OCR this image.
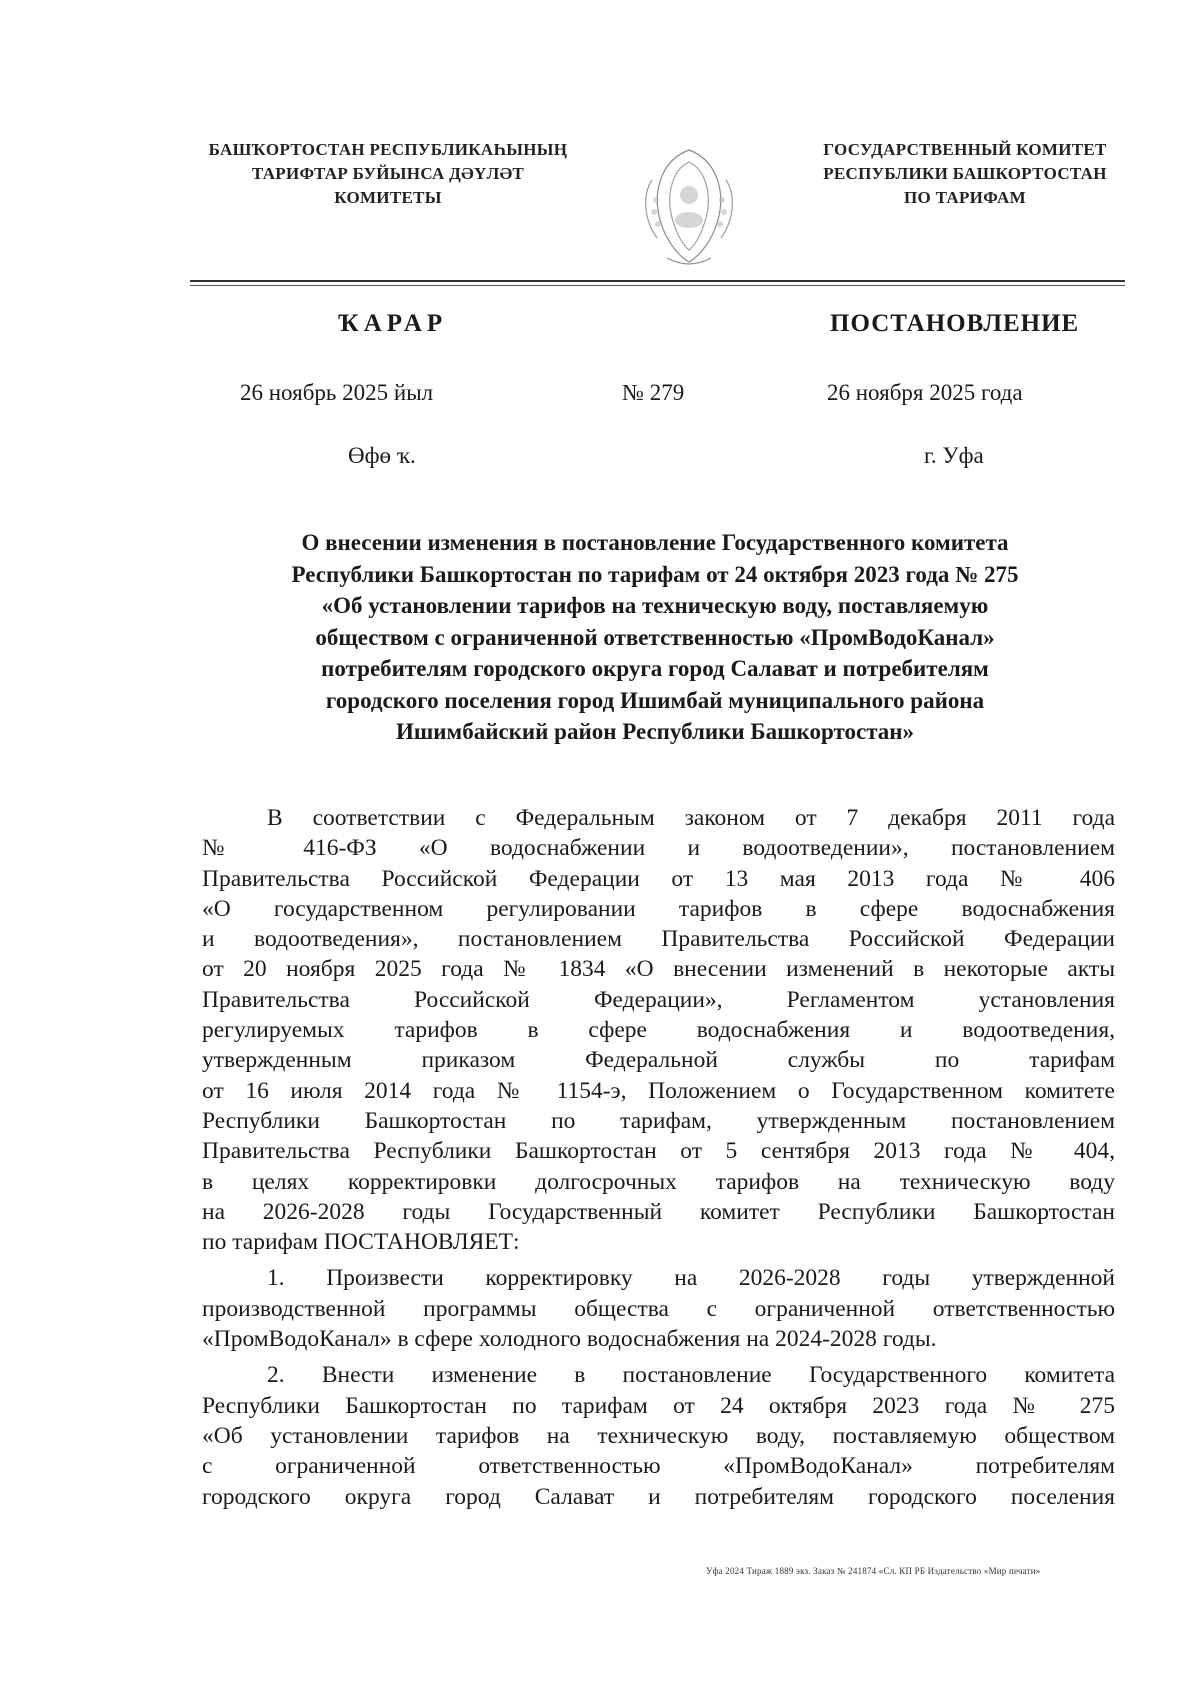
БАШҠОРТОСТАН РЕСПУБЛИКАҺЫНЫҢ
ТАРИФТАР БУЙЫНСА ДӘҮЛӘТ
КОМИТЕТЫ
ГОСУДАРСТВЕННЫЙ КОМИТЕТ
РЕСПУБЛИКИ БАШКОРТОСТАН
ПО ТАРИФАМ
ҠАРАР	ПОСТАНОВЛЕНИЕ
26 ноябрь 2025 йыл	№ 279	26 ноября 2025 года
Өфө ҡ.	г. Уфа
О внесении изменения в постановление Государственного комитета
Республики Башкортостан по тарифам от 24 октября 2023 года № 275
«Об установлении тарифов на техническую воду, поставляемую
обществом с ограниченной ответственностью «ПромВодоКанал»
потребителям городского округа город Салават и потребителям
городского поселения город Ишимбай муниципального района
Ишимбайский район Республики Башкортостан»
В соответствии с Федеральным законом от 7 декабря 2011 года
№ 416-ФЗ «О водоснабжении и водоотведении», постановлением
Правительства Российской Федерации от 13 мая 2013 года № 406
«О государственном регулировании тарифов в сфере водоснабжения
и водоотведения», постановлением Правительства Российской Федерации
от 20 ноября 2025 года № 1834 «О внесении изменений в некоторые акты
Правительства Российской Федерации», Регламентом установления
регулируемых тарифов в сфере водоснабжения и водоотведения,
утвержденным приказом Федеральной службы по тарифам
от 16 июля 2014 года № 1154-э, Положением о Государственном комитете
Республики Башкортостан по тарифам, утвержденным постановлением
Правительства Республики Башкортостан от 5 сентября 2013 года № 404,
в целях корректировки долгосрочных тарифов на техническую воду
на 2026-2028 годы Государственный комитет Республики Башкортостан
по тарифам ПОСТАНОВЛЯЕТ:
1. Произвести корректировку на 2026-2028 годы утвержденной
производственной программы общества с ограниченной ответственностью
«ПромВодоКанал» в сфере холодного водоснабжения на 2024-2028 годы.
2. Внести изменение в постановление Государственного комитета
Республики Башкортостан по тарифам от 24 октября 2023 года № 275
«Об установлении тарифов на техническую воду, поставляемую обществом
с ограниченной ответственностью «ПромВодоКанал» потребителям
городского округа город Салават и потребителям городского поселения
Уфа 2024 Тираж 1889 экз. Заказ № 241874 «Сл. КП РБ Издательство «Мир печати»
